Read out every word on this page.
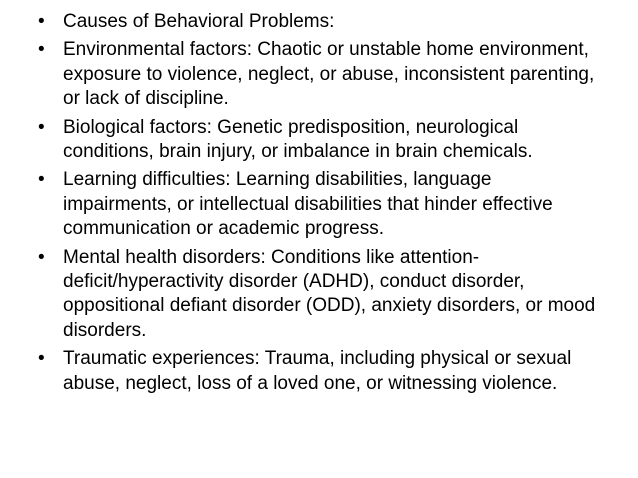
• Causes of Behavioral Problems:
• Environmental factors: Chaotic or unstable home environment, exposure to violence, neglect, or abuse, inconsistent parenting, or lack of discipline.
• Biological factors: Genetic predisposition, neurological conditions, brain injury, or imbalance in brain chemicals.
• Learning difficulties: Learning disabilities, language impairments, or intellectual disabilities that hinder effective communication or academic progress.
• Mental health disorders: Conditions like attention-deficit/hyperactivity disorder (ADHD), conduct disorder, oppositional defiant disorder (ODD), anxiety disorders, or mood disorders.
• Traumatic experiences: Trauma, including physical or sexual abuse, neglect, loss of a loved one, or witnessing violence.
